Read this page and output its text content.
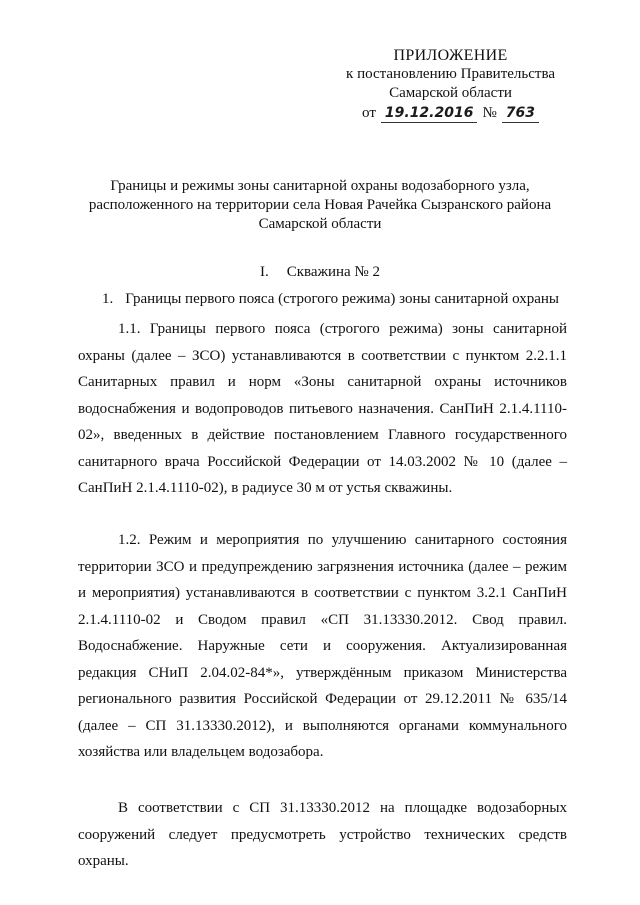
ПРИЛОЖЕНИЕ
к постановлению Правительства
Самарской области
от 19.12.2016 № 763
Границы и режимы зоны санитарной охраны водозаборного узла,
расположенного на территории села Новая Рачейка Сызранского района
Самарской области
I. Скважина № 2
1. Границы первого пояса (строгого режима) зоны санитарной охраны

1.1. Границы первого пояса (строгого режима) зоны санитарной охраны (далее – ЗСО) устанавливаются в соответствии с пунктом 2.2.1.1 Санитарных правил и норм «Зоны санитарной охраны источников водоснабжения и водопроводов питьевого назначения. СанПиН 2.1.4.1110-02», введенных в действие постановлением Главного государственного санитарного врача Российской Федерации от 14.03.2002 № 10 (далее – СанПиН 2.1.4.1110-02), в радиусе 30 м от устья скважины.

1.2. Режим и мероприятия по улучшению санитарного состояния территории ЗСО и предупреждению загрязнения источника (далее – режим и мероприятия) устанавливаются в соответствии с пунктом 3.2.1 СанПиН 2.1.4.1110-02 и Сводом правил «СП 31.13330.2012. Свод правил. Водоснабжение. Наружные сети и сооружения. Актуализированная редакция СНиП 2.04.02-84*», утверждённым приказом Министерства регионального развития Российской Федерации от 29.12.2011 № 635/14 (далее – СП 31.13330.2012), и выполняются органами коммунального хозяйства или владельцем водозабора.

В соответствии с СП 31.13330.2012 на площадке водозаборных сооружений следует предусмотреть устройство технических средств охраны.
